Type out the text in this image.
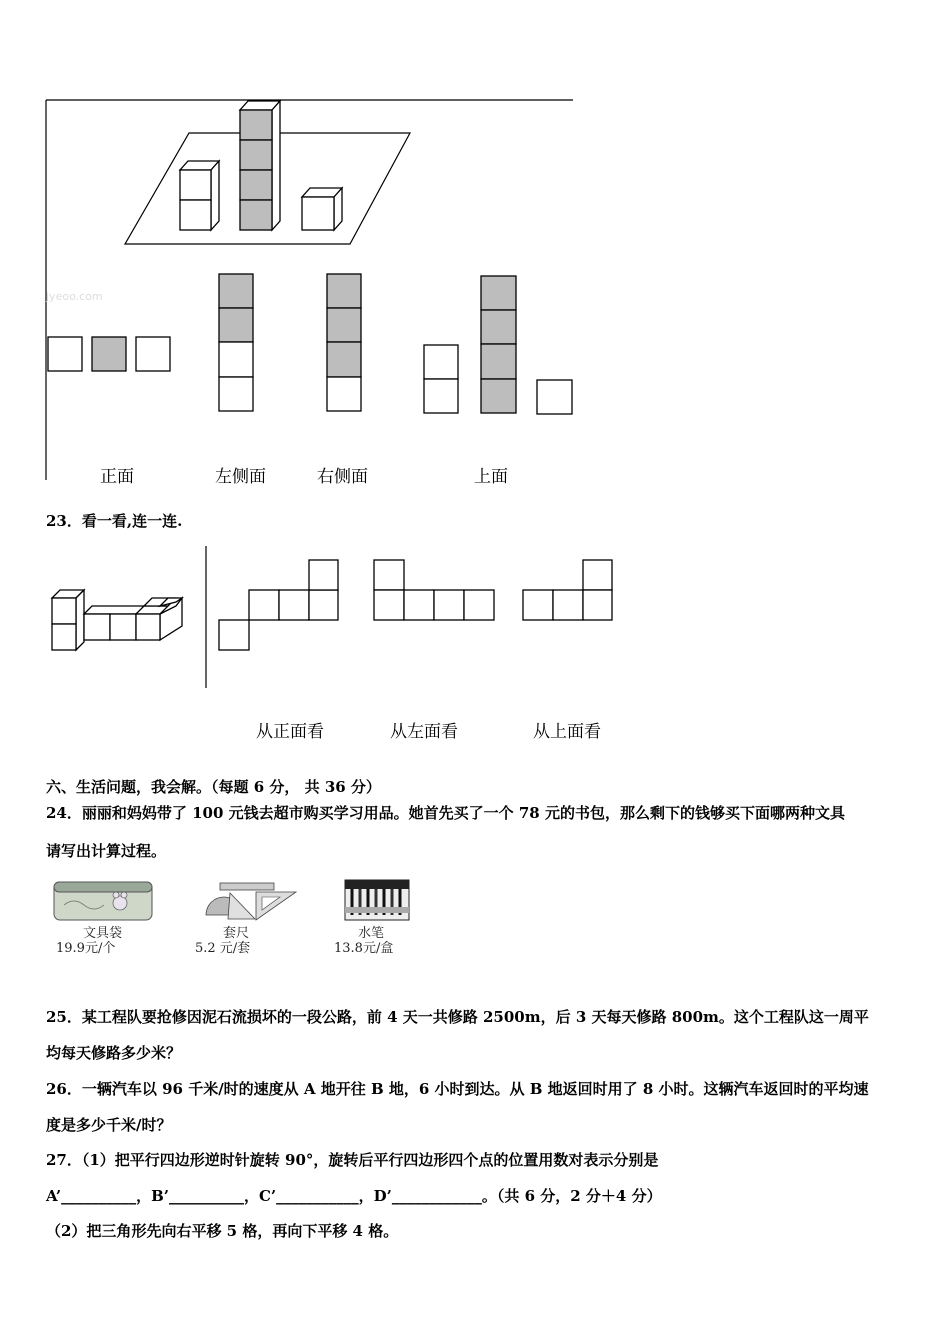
jyeoo.com
正面	左侧面	右侧面	上面
23．看一看,连一连.
从正面看	从左面看	从上面看
六、生活问题，我会解。（每题 6 分， 共 36 分）
24．丽丽和妈妈带了 100 元钱去超市购买学习用品。她首先买了一个 78 元的书包，那么剩下的钱够买下面哪两种文具
请写出计算过程。
文具袋
19.9元/个
套尺
5.2 元/套
水笔
13.8元/盒
25．某工程队要抢修因泥石流损坏的一段公路，前 4 天一共修路 2500m，后 3 天每天修路 800m。这个工程队这一周平
均每天修路多少米？
26．一辆汽车以 96 千米/时的速度从 A 地开往 B 地，6 小时到达。从 B 地返回时用了 8 小时。这辆汽车返回时的平均速
度是多少千米/时？
27．（1）把平行四边形逆时针旋转 90°，旋转后平行四边形四个点的位置用数对表示分别是
A’__________，B’__________，C’___________，D’____________。（共 6 分，2 分＋4 分）
（2）把三角形先向右平移 5 格，再向下平移 4 格。
